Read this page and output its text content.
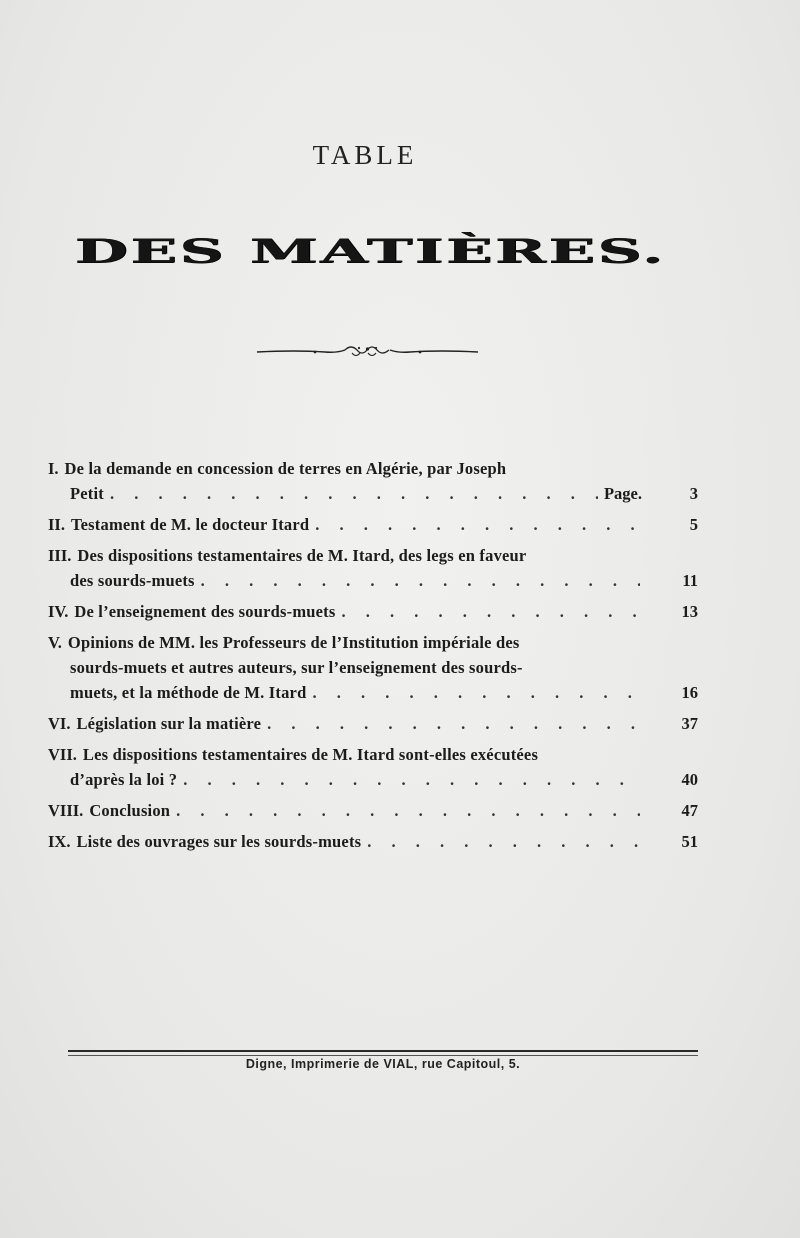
TABLE
DES MATIÈRES.
I. De la demande en concession de terres en Algérie, par Joseph
Petit . . .	Page.	3
II. Testament de M. le docteur Itard . . .	5
III. Des dispositions testamentaires de M. Itard, des legs en faveur
des sourds-muets . . .	11
IV. De l’enseignement des sourds-muets . . .	13
V. Opinions de MM. les Professeurs de l’Institution impériale des
sourds-muets et autres auteurs, sur l’enseignement des sourds-
muets, et la méthode de M. Itard . . .	16
VI. Législation sur la matière . . .	37
VII. Les dispositions testamentaires de M. Itard sont-elles exécutées
d’après la loi ? . . .	40
VIII. Conclusion . . .	47
IX. Liste des ouvrages sur les sourds-muets . . .	51
Digne, Imprimerie de VIAL, rue Capitoul, 5.
